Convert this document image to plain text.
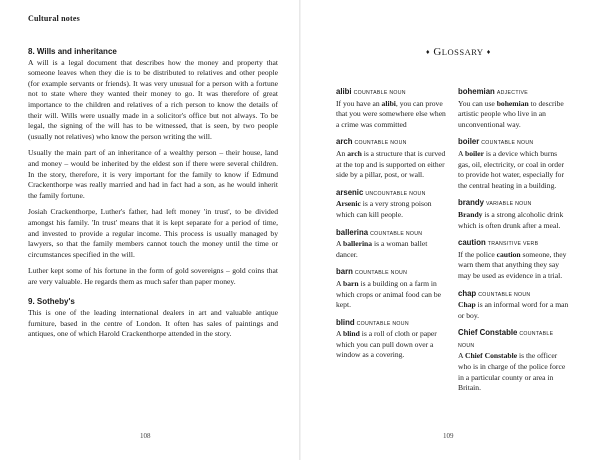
Cultural notes
8. Wills and inheritance

A will is a legal document that describes how the money and property that someone leaves when they die is to be distributed to relatives and other people (for example servants or friends). It was very unusual for a person with a fortune not to state where they wanted their money to go. It was therefore of great importance to the children and relatives of a rich person to know the details of their will. Wills were usually made in a solicitor's office but not always. To be legal, the signing of the will has to be witnessed, that is seen, by two people (usually not relatives) who know the person writing the will.

Usually the main part of an inheritance of a wealthy person – their house, land and money – would be inherited by the eldest son if there were several children. In the story, therefore, it is very important for the family to know if Edmund Crackenthorpe was really married and had in fact had a son, as he would inherit the family fortune.

Josiah Crackenthorpe, Luther's father, had left money 'in trust', to be divided amongst his family. 'In trust' means that it is kept separate for a period of time, and invested to provide a regular income. This process is usually managed by lawyers, so that the family members cannot touch the money until the time or circumstances specified in the will.

Luther kept some of his fortune in the form of gold sovereigns – gold coins that are very valuable. He regards them as much safer than paper money.

9. Sotheby's

This is one of the leading international dealers in art and valuable antique furniture, based in the centre of London. It often has sales of paintings and antiques, one of which Harold Crackenthorpe attended in the story.

108
♦ GLOSSARY ♦
alibi COUNTABLE NOUN

If you have an alibi, you can prove that you were somewhere else when a crime was committed

arch COUNTABLE NOUN

An arch is a structure that is curved at the top and is supported on either side by a pillar, post, or wall.

arsenic UNCOUNTABLE NOUN

Arsenic is a very strong poison which can kill people.

ballerina COUNTABLE NOUN

A ballerina is a woman ballet dancer.

barn COUNTABLE NOUN

A barn is a building on a farm in which crops or animal food can be kept.

blind COUNTABLE NOUN

A blind is a roll of cloth or paper which you can pull down over a window as a covering.

bohemian ADJECTIVE

You can use bohemian to describe artistic people who live in an unconventional way.

boiler COUNTABLE NOUN

A boiler is a device which burns gas, oil, electricity, or coal in order to provide hot water, especially for the central heating in a building.

brandy VARIABLE NOUN

Brandy is a strong alcoholic drink which is often drunk after a meal.

caution TRANSITIVE VERB

If the police caution someone, they warn them that anything they say may be used as evidence in a trial.

chap COUNTABLE NOUN

Chap is an informal word for a man or boy.

Chief Constable COUNTABLE NOUN

A Chief Constable is the officer who is in charge of the police force in a particular county or area in Britain.

109
